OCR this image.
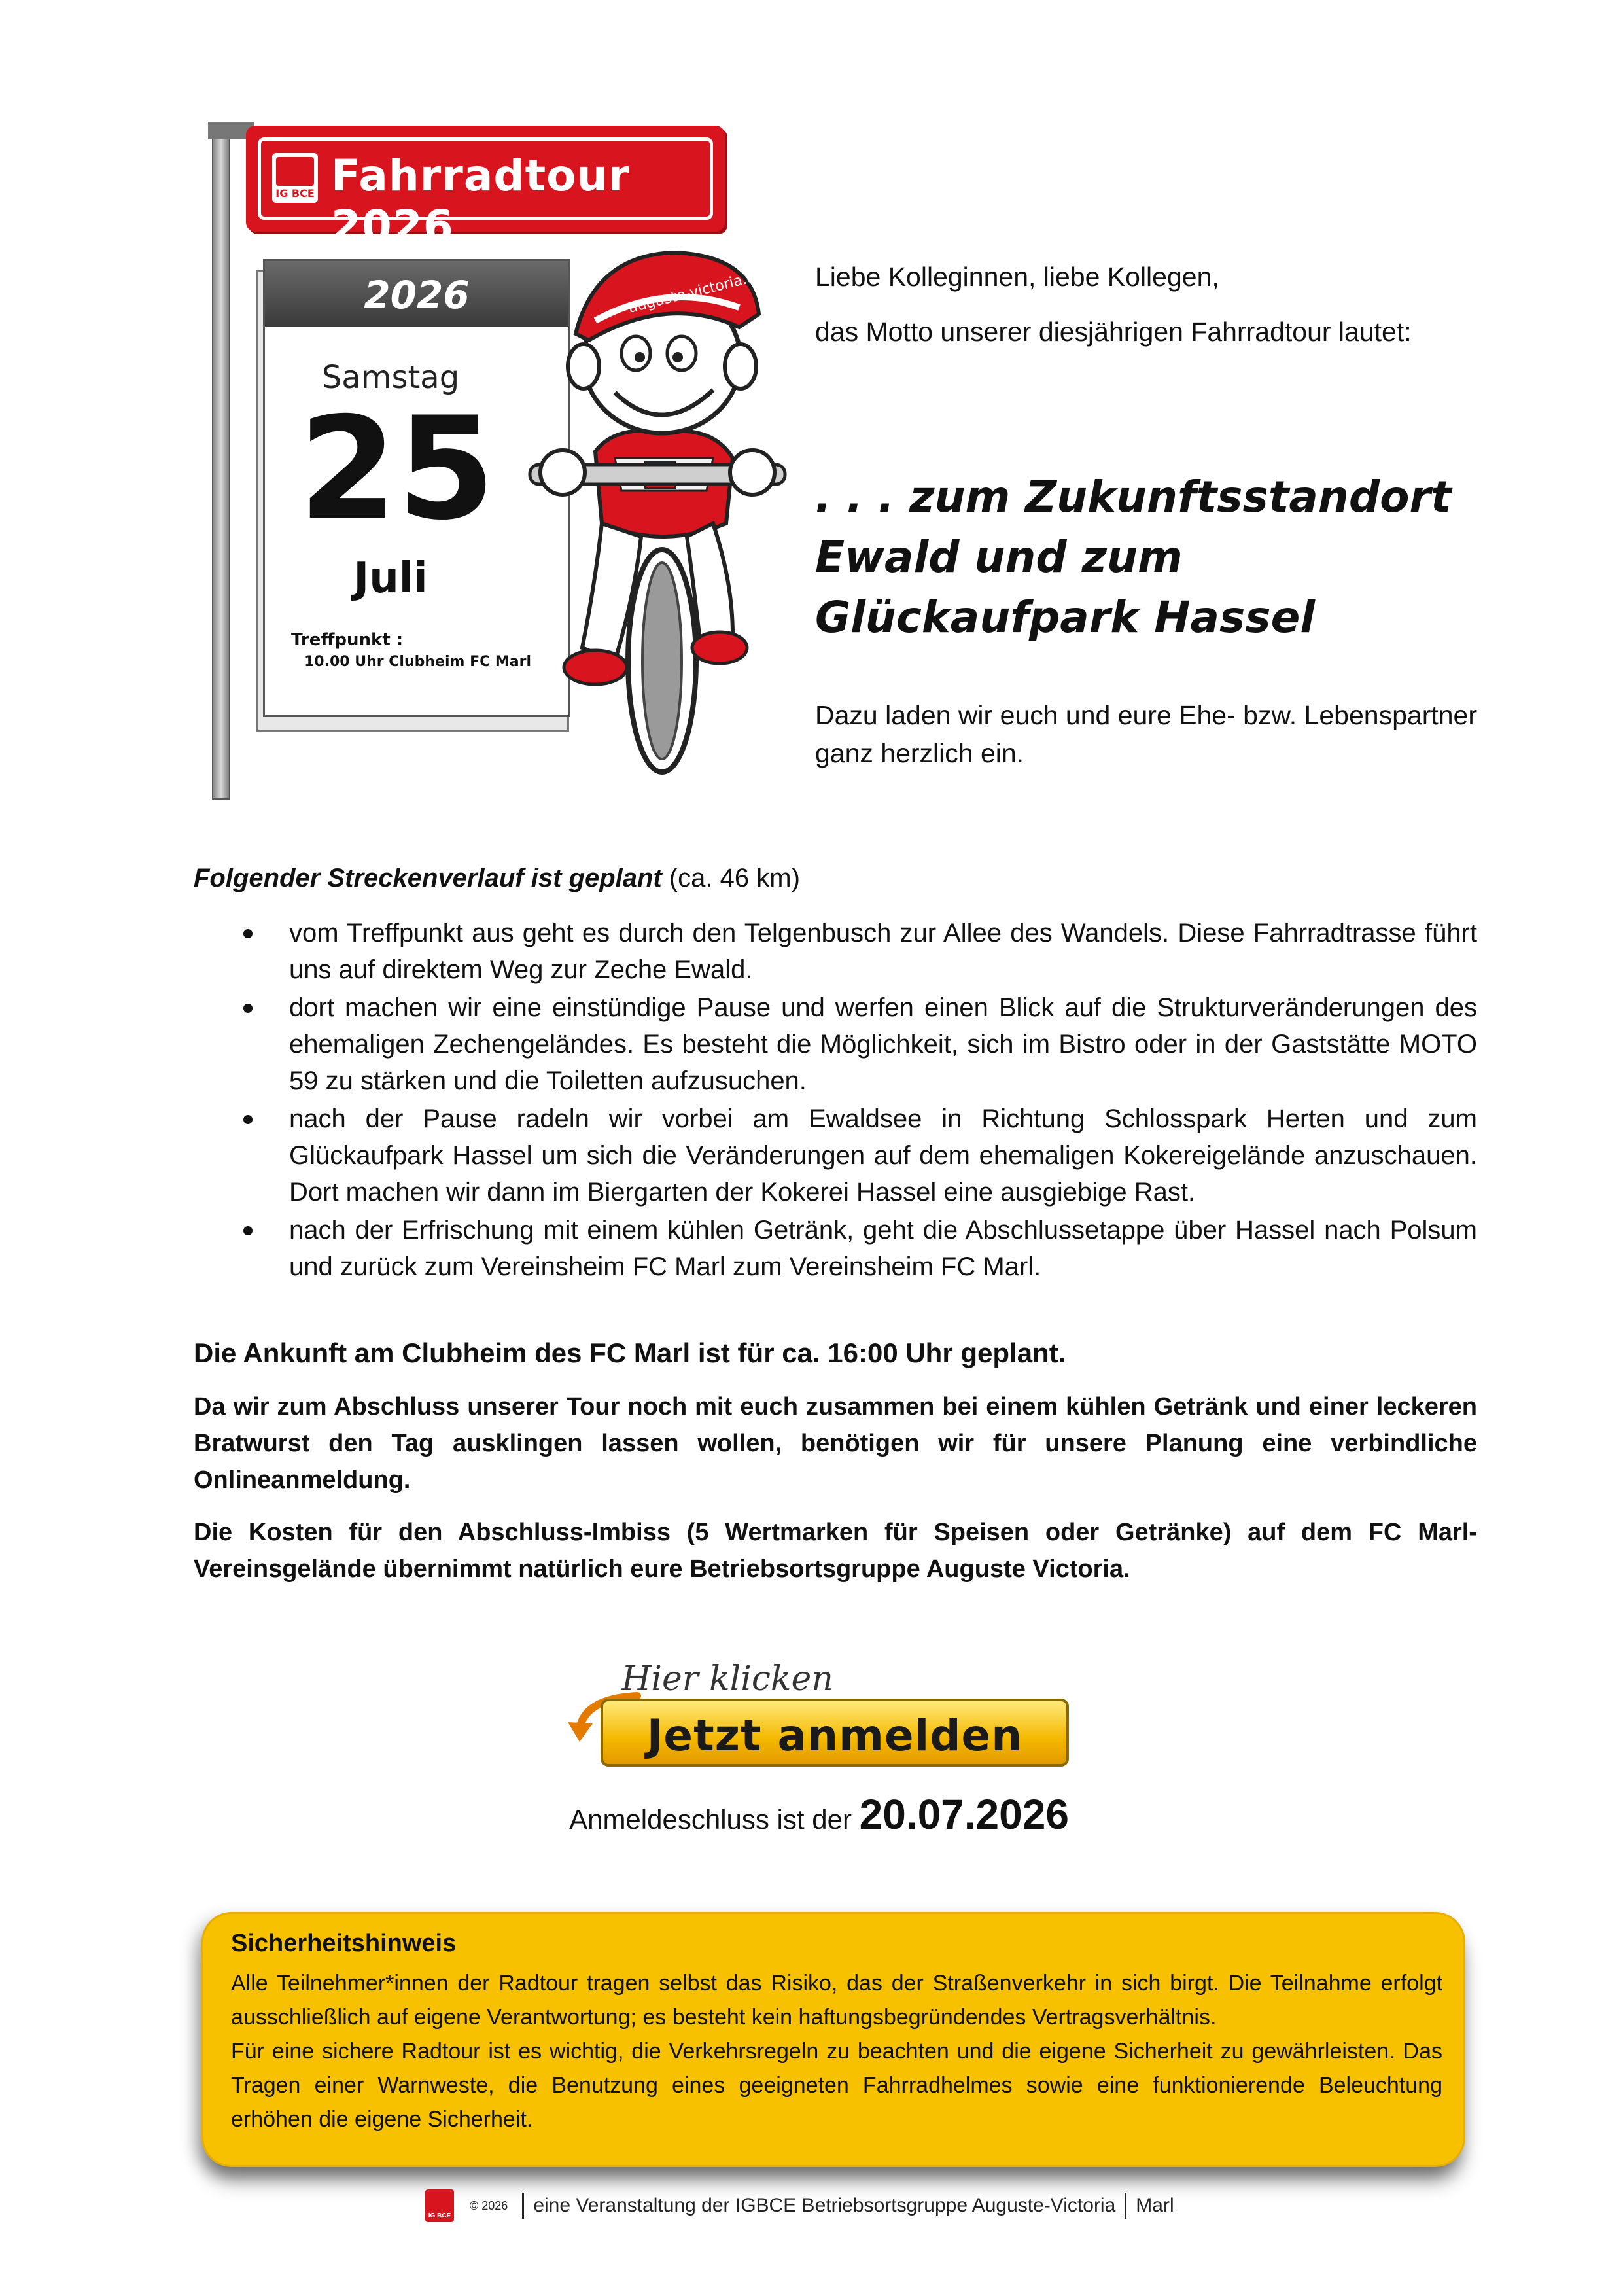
IG BCE Fahrradtour 2026
2026
Samstag
25
Juli
Treffpunkt :
10.00 Uhr Clubheim FC Marl
auguste-victoria.de Liebe Kolleginnen, liebe Kollegen,
das Motto unserer diesjährigen Fahrradtour lautet:
. . . zum Zukunftsstandort
Ewald und zum
Glückaufpark Hassel
Dazu laden wir euch und eure Ehe- bzw. Lebenspartner ganz herzlich ein.
Folgender Streckenverlauf ist geplant (ca. 46 km)
vom Treffpunkt aus geht es durch den Telgenbusch zur Allee des Wandels. Diese Fahrradtrasse führt uns auf direktem Weg zur Zeche Ewald.
dort machen wir eine einstündige Pause und werfen einen Blick auf die Strukturveränderungen des ehemaligen Zechengeländes. Es besteht die Möglichkeit, sich im Bistro oder in der Gaststätte MOTO 59 zu stärken und die Toiletten aufzusuchen.
nach der Pause radeln wir vorbei am Ewaldsee in Richtung Schlosspark Herten und zum Glückaufpark Hassel um sich die Veränderungen auf dem ehemaligen Kokereigelände anzuschauen. Dort machen wir dann im Biergarten der Kokerei Hassel eine ausgiebige Rast.
nach der Erfrischung mit einem kühlen Getränk, geht die Abschlussetappe über Hassel nach Polsum und zurück zum Vereinsheim FC Marl zum Vereinsheim FC Marl.
Die Ankunft am Clubheim des FC Marl ist für ca. 16:00 Uhr geplant.
Da wir zum Abschluss unserer Tour noch mit euch zusammen bei einem kühlen Getränk und einer leckeren Bratwurst den Tag ausklingen lassen wollen, benötigen wir für unsere Planung eine verbindliche Onlineanmeldung.
Die Kosten für den Abschluss-Imbiss (5 Wertmarken für Speisen oder Getränke) auf dem FC Marl-Vereinsgelände übernimmt natürlich eure Betriebsortsgruppe Auguste Victoria.
Hier klicken
Jetzt anmelden
Anmeldeschluss ist der 20.07.2026
Sicherheitshinweis
Alle Teilnehmer*innen der Radtour tragen selbst das Risiko, das der Straßenverkehr in sich birgt. Die Teilnahme erfolgt ausschließlich auf eigene Verantwortung; es besteht kein haftungsbegründendes Vertragsverhältnis.
Für eine sichere Radtour ist es wichtig, die Verkehrsregeln zu beachten und die eigene Sicherheit zu gewährleisten. Das Tragen einer Warnweste, die Benutzung eines geeigneten Fahrradhelmes sowie eine funktionierende Beleuchtung erhöhen die eigene Sicherheit.
IG BCE
© 2026 eine Veranstaltung der IGBCE Betriebsortsgruppe Auguste-Victoria Marl
